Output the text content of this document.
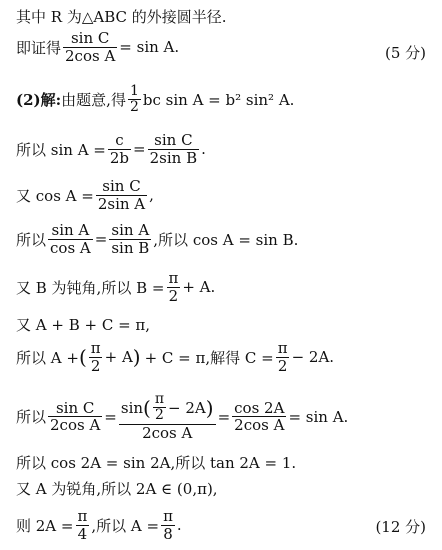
其中 R 为△ABC 的外接圆半径.
即证得 $\frac{\text{sin C}}{\text{2cos A}} = \sin A$.	(5 分)
(2)解: 由题意,得 $\frac{1}{2}$ bc sin A = b² sin² A.
所以 $\sin A = \frac{c}{2b} = \frac{\text{sin C}}{\text{2sin B}}$ .
又 $\cos A = \frac{\text{sin C}}{\text{2sin A}}$ ,
所以 $\frac{\text{sin A}}{\text{cos A}} = \frac{\text{sin A}}{\text{sin B}}$ ,所以 cos A = sin B.
又 B 为钝角,所以 $B = \frac{\pi}{2} + A$.
又 A + B + C = π,
所以 A + ( $\frac{\pi}{2} + A$ ) + C = π,解得 $C = \frac{\pi}{2} - 2A$.
所以 $\frac{\text{sin C}}{\text{2cos A}} = \sin$ ( $\frac{\pi}{2} - 2A$ )
2cos A
= $\frac{\cos 2A}{\text{2cos A}} = \sin A$.
所以 cos 2A = sin 2A,所以 tan 2A = 1.
又 A 为锐角,所以 2A ∈ (0,π),
则 $2A = \frac{\pi}{4}$ ,所以 $A = \frac{\pi}{8}$ .	(12 分)
